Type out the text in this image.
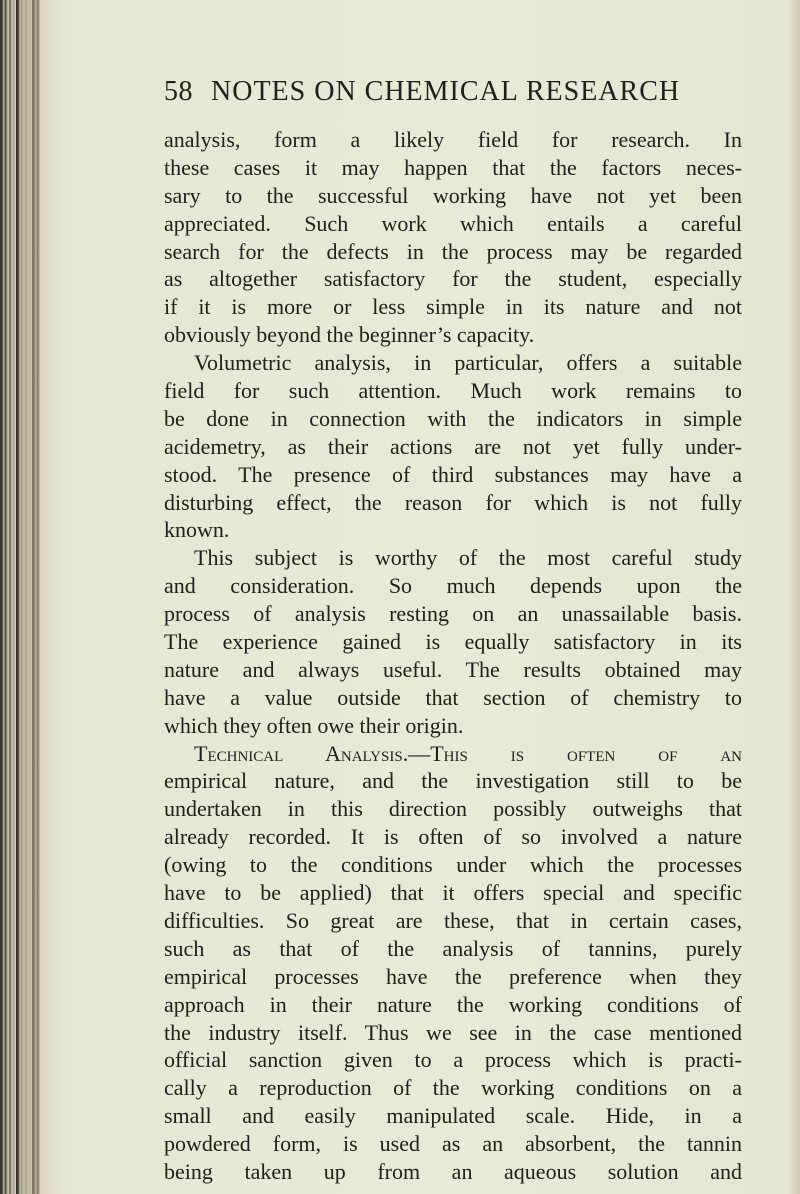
58 NOTES ON CHEMICAL RESEARCH
analysis, form a likely field for research. In
these cases it may happen that the factors neces-
sary to the successful working have not yet been
appreciated. Such work which entails a careful
search for the defects in the process may be regarded
as altogether satisfactory for the student, especially
if it is more or less simple in its nature and not
obviously beyond the beginner’s capacity.
Volumetric analysis, in particular, offers a suitable
field for such attention. Much work remains to
be done in connection with the indicators in simple
acidemetry, as their actions are not yet fully under-
stood. The presence of third substances may have a
disturbing effect, the reason for which is not fully
known.
This subject is worthy of the most careful study
and consideration. So much depends upon the
process of analysis resting on an unassailable basis.
The experience gained is equally satisfactory in its
nature and always useful. The results obtained may
have a value outside that section of chemistry to
which they often owe their origin.
Technical Analysis.—This is often of an
empirical nature, and the investigation still to be
undertaken in this direction possibly outweighs that
already recorded. It is often of so involved a nature
(owing to the conditions under which the processes
have to be applied) that it offers special and specific
difficulties. So great are these, that in certain cases,
such as that of the analysis of tannins, purely
empirical processes have the preference when they
approach in their nature the working conditions of
the industry itself. Thus we see in the case mentioned
official sanction given to a process which is practi-
cally a reproduction of the working conditions on a
small and easily manipulated scale. Hide, in a
powdered form, is used as an absorbent, the tannin
being taken up from an aqueous solution and
